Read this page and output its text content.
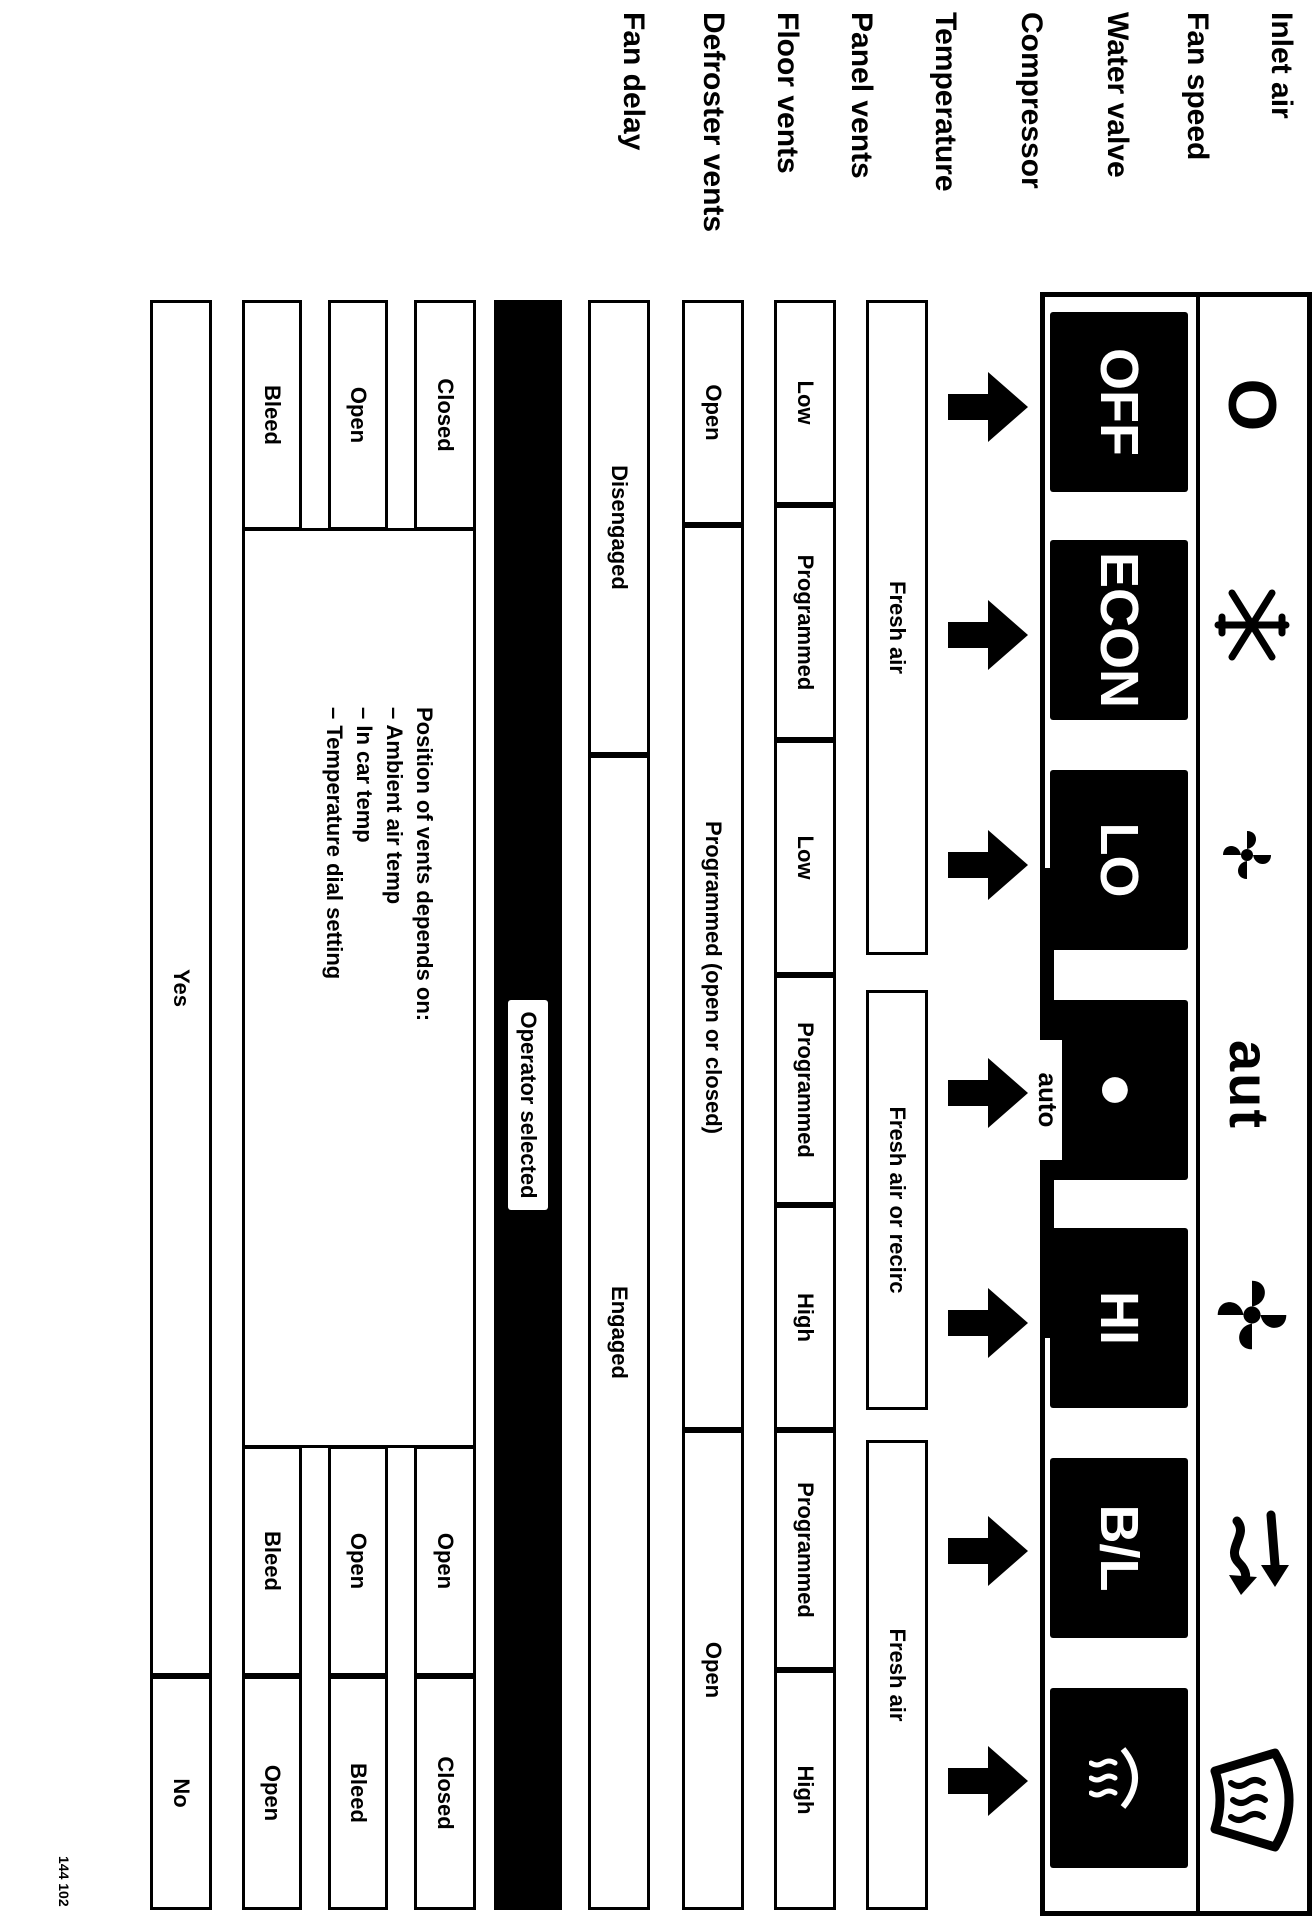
Inlet air
Fan speed
Water valve
Compressor
Temperature
Panel vents
Floor vents
Defroster vents
Fan delay
O
aut
OFF
ECON
LO
●
HI
B/L
auto
Fresh air
Fresh air or recirc
Fresh air
Low
Programmed
Low
Programmed
High
Programmed
High
Open
Programmed (open or closed)
Open
Disengaged
Engaged
Operator selected
Closed
Open
Bleed
Position of vents depends on:
– Ambient air temp
– In car temp
– Temperature dial setting
Open
Closed
Open
Bleed
Bleed
Open
Yes
No
144 102
